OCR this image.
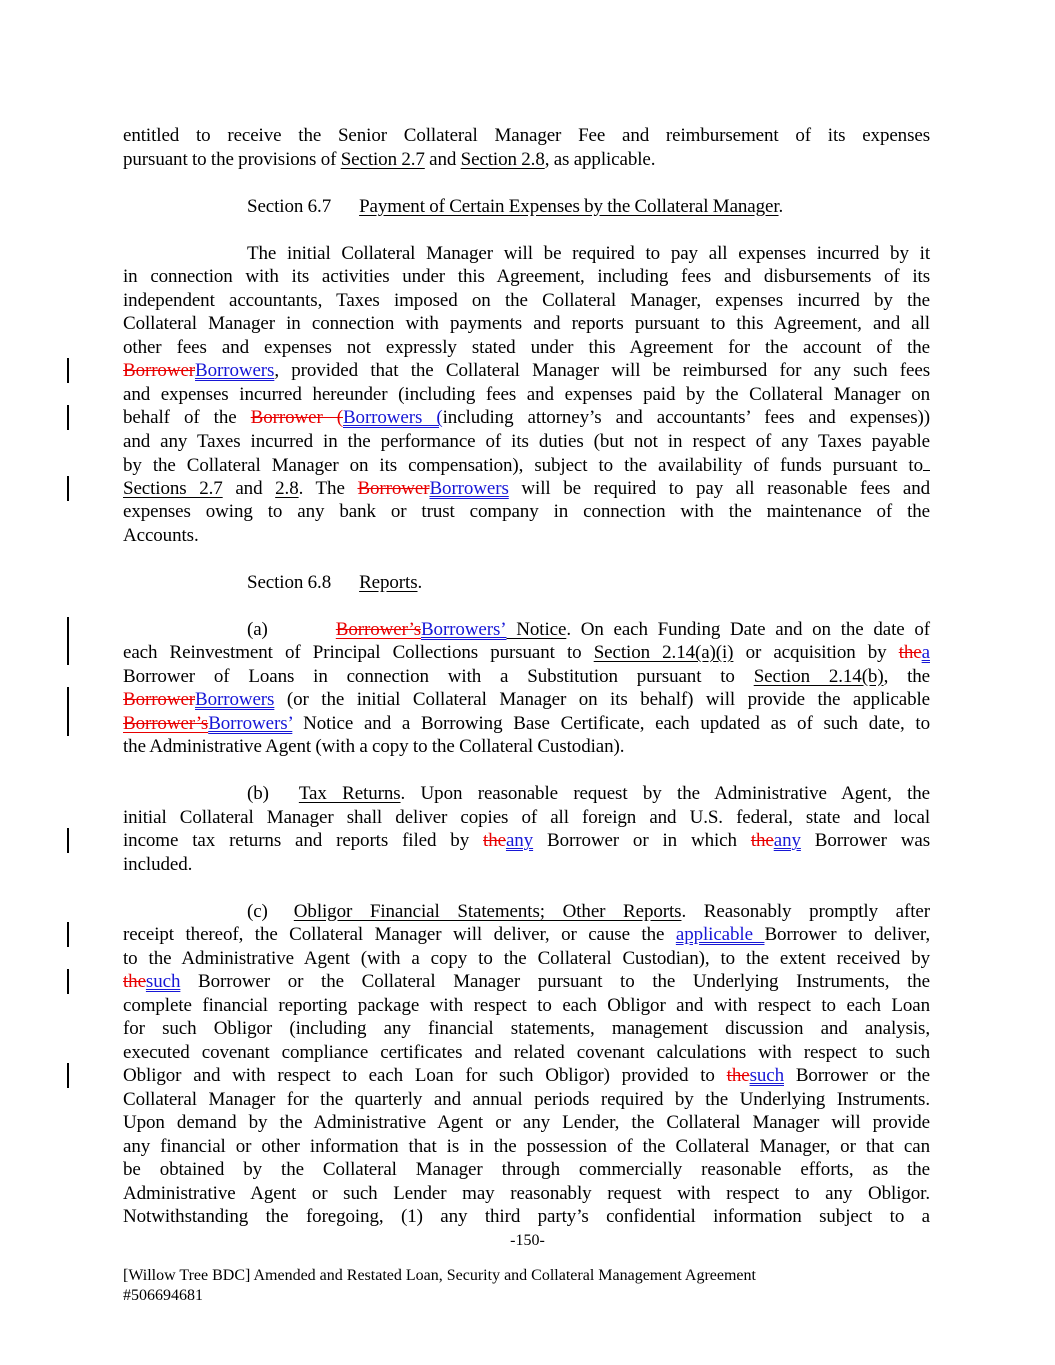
entitled to receive the Senior Collateral Manager Fee and reimbursement of its expenses
pursuant to the provisions of Section 2.7 and Section 2.8, as applicable.
Section 6.7 Payment of Certain Expenses by the Collateral Manager.
The initial Collateral Manager will be required to pay all expenses incurred by it
in connection with its activities under this Agreement, including fees and disbursements of its
independent accountants, Taxes imposed on the Collateral Manager, expenses incurred by the
Collateral Manager in connection with payments and reports pursuant to this Agreement, and all
other fees and expenses not expressly stated under this Agreement for the account of the
BorrowerBorrowers, provided that the Collateral Manager will be reimbursed for any such fees
and expenses incurred hereunder (including fees and expenses paid by the Collateral Manager on
behalf of the Borrower (Borrowers (including attorney’s and accountants’ fees and expenses))
and any Taxes incurred in the performance of its duties (but not in respect of any Taxes payable
by the Collateral Manager on its compensation), subject to the availability of funds pursuant to
Sections 2.7 and 2.8. The BorrowerBorrowers will be required to pay all reasonable fees and
expenses owing to any bank or trust company in connection with the maintenance of the
Accounts.
Section 6.8 Reports.
(a)	Borrower’sBorrowers’ Notice. On each Funding Date and on the date of
each Reinvestment of Principal Collections pursuant to Section 2.14(a)(i) or acquisition by thea
Borrower of Loans in connection with a Substitution pursuant to Section 2.14(b), the
BorrowerBorrowers (or the initial Collateral Manager on its behalf) will provide the applicable
Borrower’sBorrowers’ Notice and a Borrowing Base Certificate, each updated as of such date, to
the Administrative Agent (with a copy to the Collateral Custodian).
(b) Tax Returns. Upon reasonable request by the Administrative Agent, the
initial Collateral Manager shall deliver copies of all foreign and U.S. federal, state and local
income tax returns and reports filed by theany Borrower or in which theany Borrower was
included.
(c) Obligor Financial Statements; Other Reports. Reasonably promptly after
receipt thereof, the Collateral Manager will deliver, or cause the applicable Borrower to deliver,
to the Administrative Agent (with a copy to the Collateral Custodian), to the extent received by
thesuch Borrower or the Collateral Manager pursuant to the Underlying Instruments, the
complete financial reporting package with respect to each Obligor and with respect to each Loan
for such Obligor (including any financial statements, management discussion and analysis,
executed covenant compliance certificates and related covenant calculations with respect to such
Obligor and with respect to each Loan for such Obligor) provided to thesuch Borrower or the
Collateral Manager for the quarterly and annual periods required by the Underlying Instruments.
Upon demand by the Administrative Agent or any Lender, the Collateral Manager will provide
any financial or other information that is in the possession of the Collateral Manager, or that can
be obtained by the Collateral Manager through commercially reasonable efforts, as the
Administrative Agent or such Lender may reasonably request with respect to any Obligor.
Notwithstanding the foregoing, (1) any third party’s confidential information subject to a
-150-
[Willow Tree BDC] Amended and Restated Loan, Security and Collateral Management Agreement
#506694681
